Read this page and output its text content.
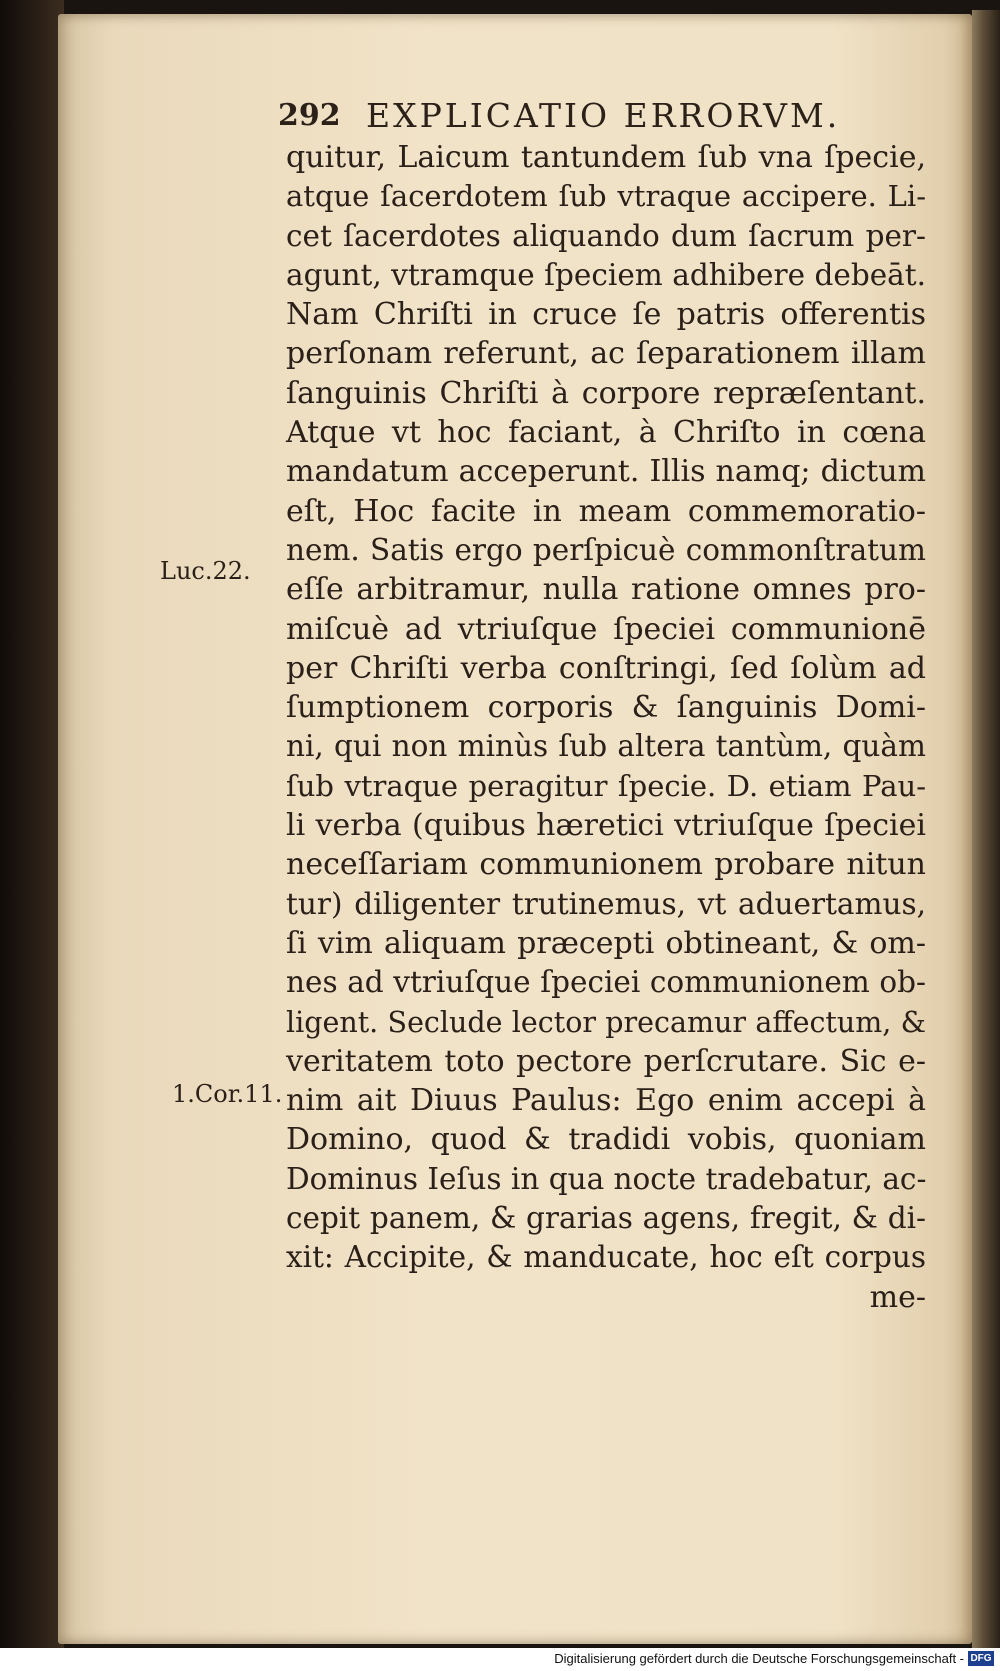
292 EXPLICATIO ERRORVM.
Luc.22.
1.Cor.11.
quitur, Laicum tantundem ſub vna ſpecie,
atque ſacerdotem ſub vtraque accipere. Li-
cet ſacerdotes aliquando dum ſacrum per-
agunt, vtramque ſpeciem adhibere debeāt.
Nam Chriſti in cruce ſe patris offerentis
perſonam referunt, ac ſeparationem illam
ſanguinis Chriſti à corpore repræſentant.
Atque vt hoc faciant, à Chriſto in cœna
mandatum acceperunt. Illis namq; dictum
eſt, Hoc facite in meam commemoratio-
nem. Satis ergo perſpicuè commonſtratum
eſſe arbitramur, nulla ratione omnes pro-
miſcuè ad vtriuſque ſpeciei communionē
per Chriſti verba conſtringi, ſed ſolùm ad
ſumptionem corporis & ſanguinis Domi-
ni, qui non minùs ſub altera tantùm, quàm
ſub vtraque peragitur ſpecie. D. etiam Pau-
li verba (quibus hæretici vtriuſque ſpeciei
neceſſariam communionem probare nitun
tur) diligenter trutinemus, vt aduertamus,
ſi vim aliquam præcepti obtineant, & om-
nes ad vtriuſque ſpeciei communionem ob-
ligent. Seclude lector precamur affectum, &
veritatem toto pectore perſcrutare. Sic e-
nim ait Diuus Paulus: Ego enim accepi à
Domino, quod & tradidi vobis, quoniam
Dominus Ieſus in qua nocte tradebatur, ac-
cepit panem, & grarias agens, fregit, & di-
xit: Accipite, & manducate, hoc eſt corpus
me-
Digitalisierung gefördert durch die Deutsche Forschungsgemeinschaft - DFG
